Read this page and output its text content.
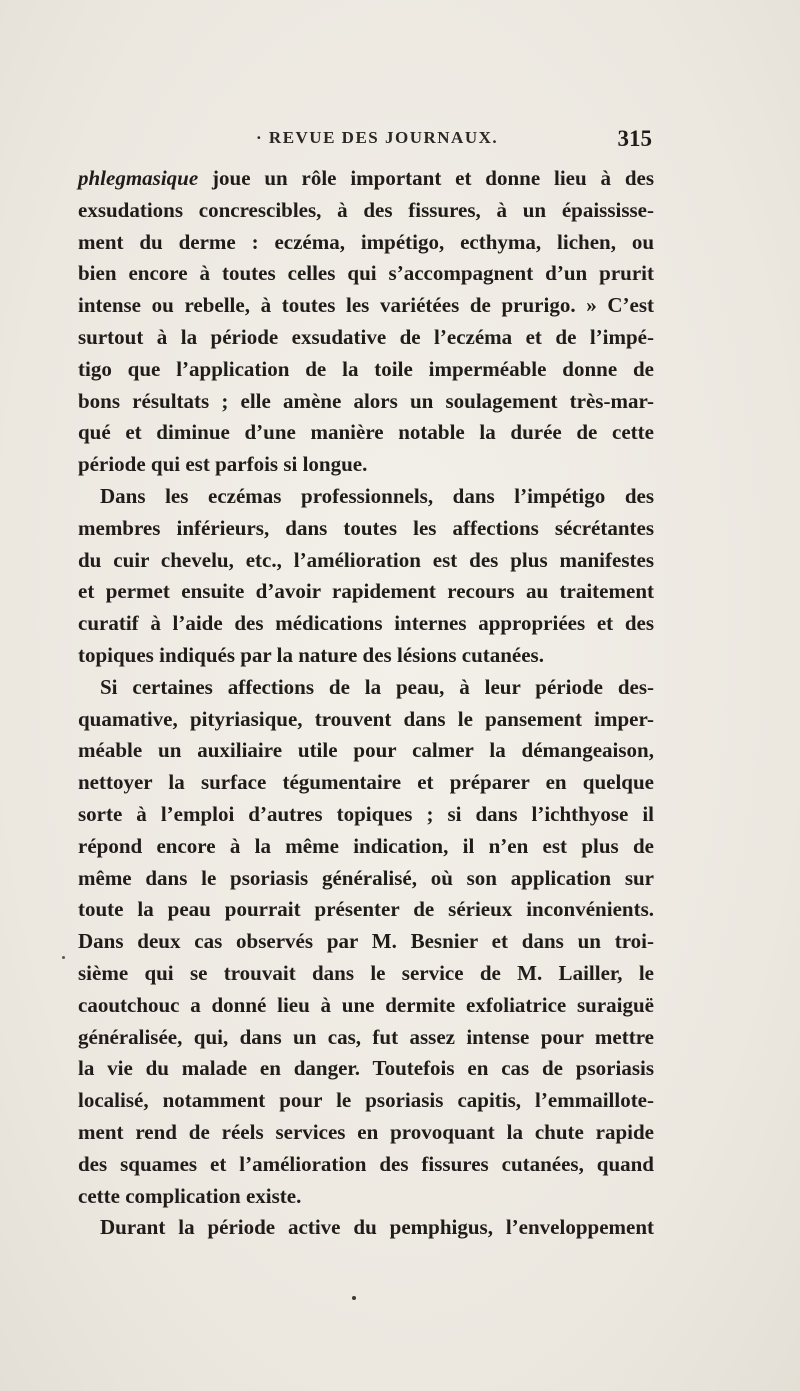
· REVUE DES JOURNAUX.	315
phlegmasique joue un rôle important et donne lieu à des
exsudations concrescibles, à des fissures, à un épaississe-
ment du derme : eczéma, impétigo, ecthyma, lichen, ou
bien encore à toutes celles qui s’accompagnent d’un prurit
intense ou rebelle, à toutes les variétées de prurigo. » C’est
surtout à la période exsudative de l’eczéma et de l’impé-
tigo que l’application de la toile imperméable donne de
bons résultats ; elle amène alors un soulagement très-mar-
qué et diminue d’une manière notable la durée de cette
période qui est parfois si longue.
Dans les eczémas professionnels, dans l’impétigo des
membres inférieurs, dans toutes les affections sécrétantes
du cuir chevelu, etc., l’amélioration est des plus manifestes
et permet ensuite d’avoir rapidement recours au traitement
curatif à l’aide des médications internes appropriées et des
topiques indiqués par la nature des lésions cutanées.
Si certaines affections de la peau, à leur période des-
quamative, pityriasique, trouvent dans le pansement imper-
méable un auxiliaire utile pour calmer la démangeaison,
nettoyer la surface tégumentaire et préparer en quelque
sorte à l’emploi d’autres topiques ; si dans l’ichthyose il
répond encore à la même indication, il n’en est plus de
même dans le psoriasis généralisé, où son application sur
toute la peau pourrait présenter de sérieux inconvénients.
Dans deux cas observés par M. Besnier et dans un troi-
sième qui se trouvait dans le service de M. Lailler, le
caoutchouc a donné lieu à une dermite exfoliatrice suraiguë
généralisée, qui, dans un cas, fut assez intense pour mettre
la vie du malade en danger. Toutefois en cas de psoriasis
localisé, notamment pour le psoriasis capitis, l’emmaillote-
ment rend de réels services en provoquant la chute rapide
des squames et l’amélioration des fissures cutanées, quand
cette complication existe.
Durant la période active du pemphigus, l’enveloppement
